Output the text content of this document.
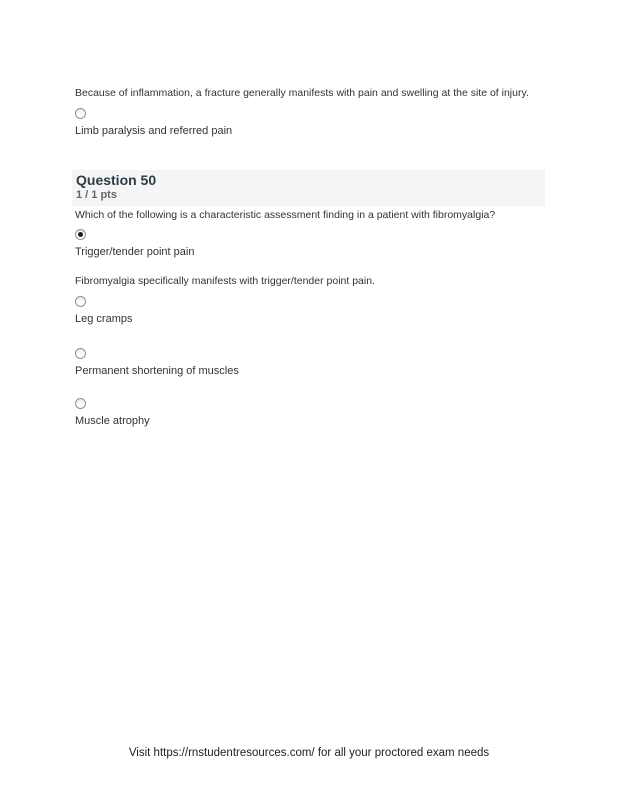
Because of inflammation, a fracture generally manifests with pain and swelling at the site of injury.

Limb paralysis and referred pain
Question 50
1 / 1 pts

Which of the following is a characteristic assessment finding in a patient with fibromyalgia?

Trigger/tender point pain

Fibromyalgia specifically manifests with trigger/tender point pain.

Leg cramps
Permanent shortening of muscles
Muscle atrophy
Visit https://rnstudentresources.com/ for all your proctored exam needs
